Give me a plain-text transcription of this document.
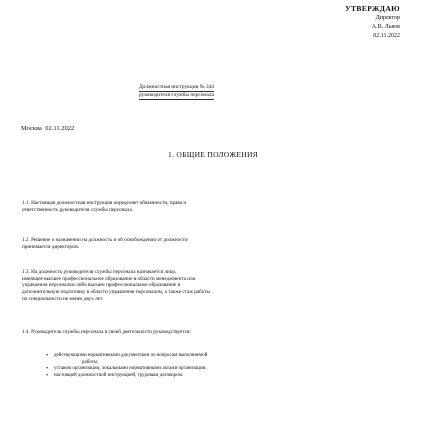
УТВЕРЖДАЮ
Директор
А.В. Львов
02.11.2022
Должностная инструкция № 344
руководителя службы персонала
Москва 02.11.2022
1. ОБЩИЕ ПОЛОЖЕНИЯ
1.1. Настоящая должностная инструкция определяет обязанности, права и
ответственность руководителя службы персонала.
1.2. Решение о назначении на должность и об освобождении от должности
принимается директором.
1.3. На должность руководителя службы персонала назначается лицо,
имеющее высшее профессиональное образование в области менеджмента или
управления персоналом либо высшее профессиональное образование и
дополнительную подготовку в области управления персоналом, а также стаж работы
по специальности не менее двух лет.
1.4. Руководитель службы персонала в своей деятельности руководствуется:
• действующими нормативными документами по вопросам выполняемой
работы;
• уставом организации, локальными нормативными актами организации;
• настоящей должностной инструкцией, трудовым договором.
